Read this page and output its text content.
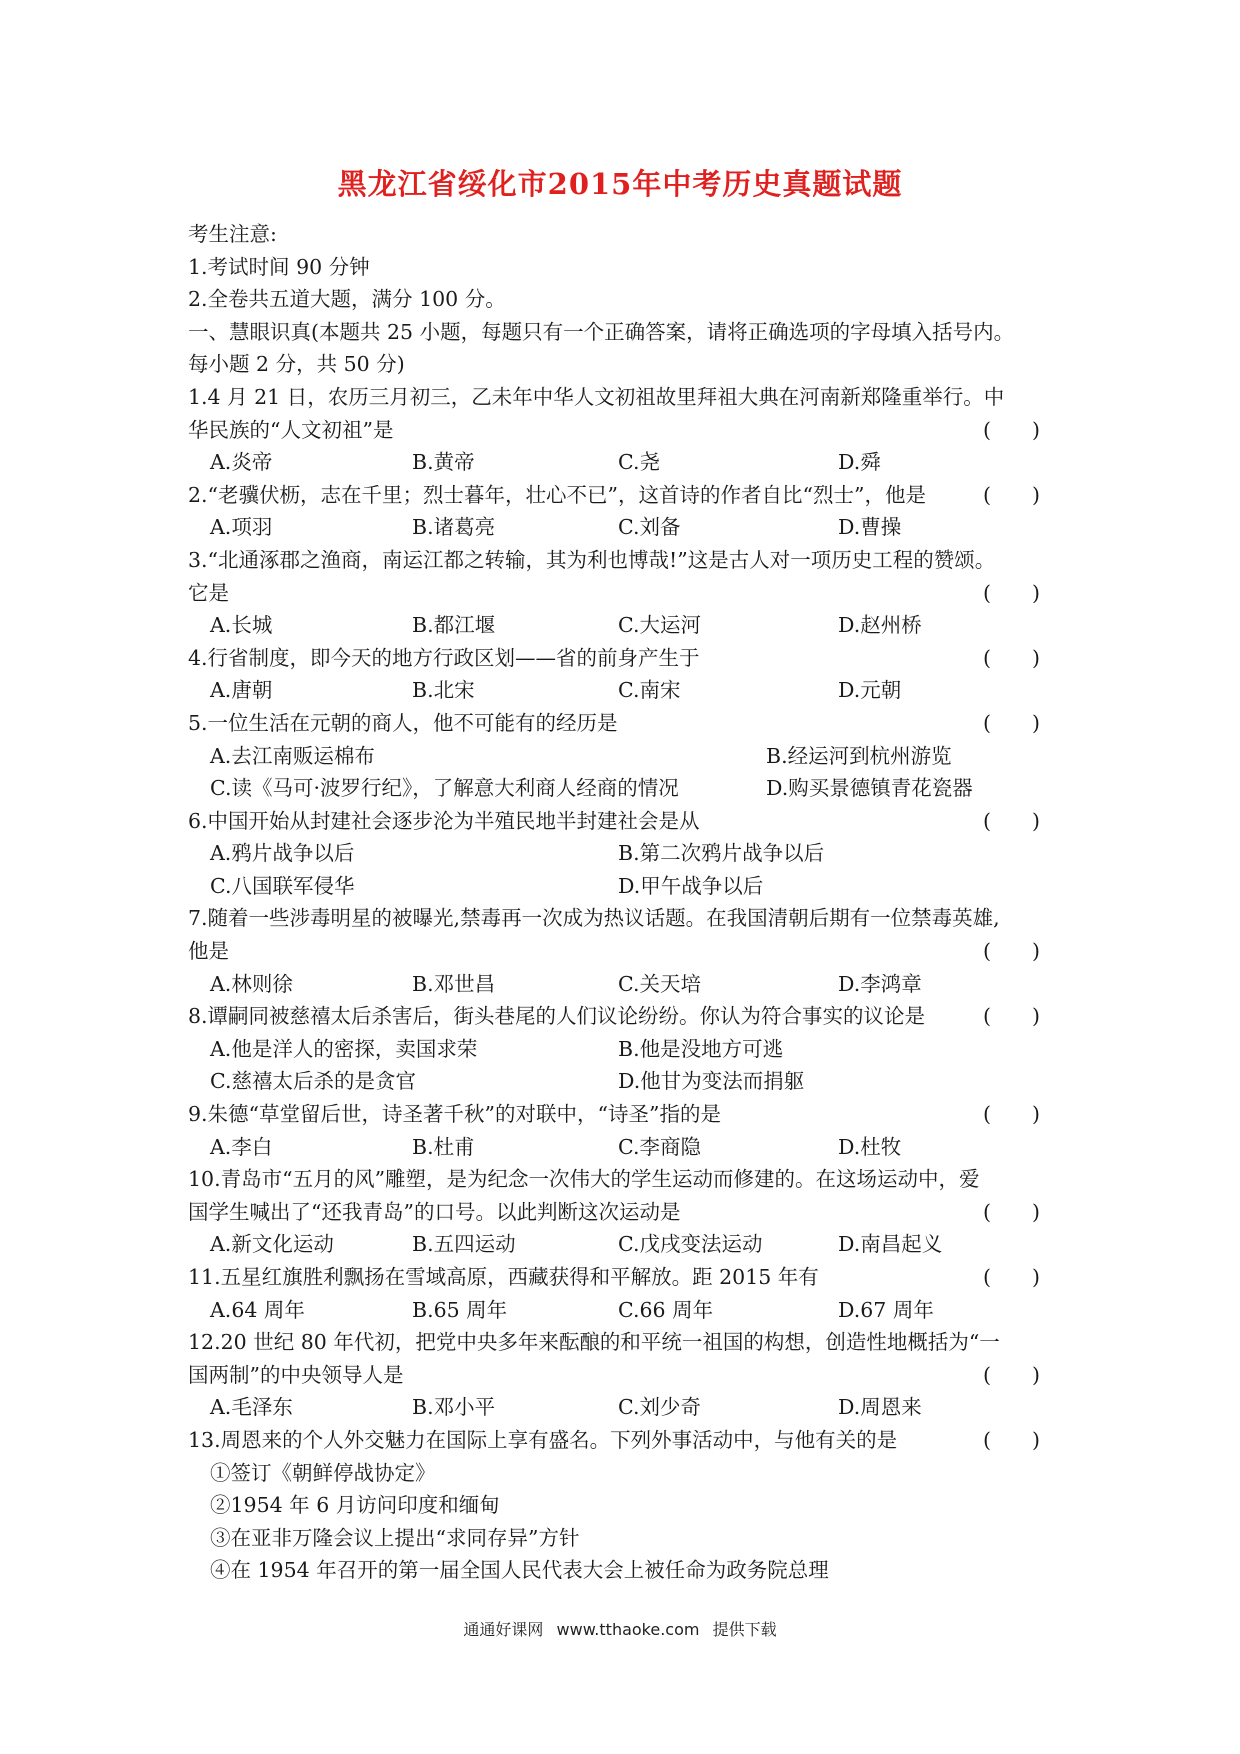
黑龙江省绥化市2015年中考历史真题试题
考生注意:
1.考试时间 90 分钟
2.全卷共五道大题，满分 100 分。
一、慧眼识真(本题共 25 小题，每题只有一个正确答案，请将正确选项的字母填入括号内。
每小题 2 分，共 50 分)
1.4 月 21 日，农历三月初三，乙未年中华人文初祖故里拜祖大典在河南新郑隆重举行。中
华民族的“人文初祖”是	(　　)
A.炎帝	B.黄帝	C.尧	D.舜
2.“老骥伏枥，志在千里；烈士暮年，壮心不已”，这首诗的作者自比“烈士”，他是	(　　)
A.项羽	B.诸葛亮	C.刘备	D.曹操
3.“北通涿郡之渔商，南运江都之转输，其为利也博哉!”这是古人对一项历史工程的赞颂。
它是	(　　)
A.长城	B.都江堰	C.大运河	D.赵州桥
4.行省制度，即今天的地方行政区划——省的前身产生于	(　　)
A.唐朝	B.北宋	C.南宋	D.元朝
5.一位生活在元朝的商人，他不可能有的经历是	(　　)
A.去江南贩运棉布	B.经运河到杭州游览
C.读《马可·波罗行纪》，了解意大利商人经商的情况	D.购买景德镇青花瓷器
6.中国开始从封建社会逐步沦为半殖民地半封建社会是从	(　　)
A.鸦片战争以后	B.第二次鸦片战争以后
C.八国联军侵华	D.甲午战争以后
7.随着一些涉毒明星的被曝光,禁毒再一次成为热议话题。在我国清朝后期有一位禁毒英雄,
他是	(　　)
A.林则徐	B.邓世昌	C.关天培	D.李鸿章
8.谭嗣同被慈禧太后杀害后，街头巷尾的人们议论纷纷。你认为符合事实的议论是	(　　)
A.他是洋人的密探，卖国求荣	B.他是没地方可逃
C.慈禧太后杀的是贪官	D.他甘为变法而捐躯
9.朱德“草堂留后世，诗圣著千秋”的对联中，“诗圣”指的是	(　　)
A.李白	B.杜甫	C.李商隐	D.杜牧
10.青岛市“五月的风”雕塑，是为纪念一次伟大的学生运动而修建的。在这场运动中，爱
国学生喊出了“还我青岛”的口号。以此判断这次运动是	(　　)
A.新文化运动	B.五四运动	C.戊戌变法运动	D.南昌起义
11.五星红旗胜利飘扬在雪域高原，西藏获得和平解放。距 2015 年有	(　　)
A.64 周年	B.65 周年	C.66 周年	D.67 周年
12.20 世纪 80 年代初，把党中央多年来酝酿的和平统一祖国的构想，创造性地概括为“一
国两制”的中央领导人是	(　　)
A.毛泽东	B.邓小平	C.刘少奇	D.周恩来
13.周恩来的个人外交魅力在国际上享有盛名。下列外事活动中，与他有关的是	(　　)
①签订《朝鲜停战协定》
②1954 年 6 月访问印度和缅甸
③在亚非万隆会议上提出“求同存异”方针
④在 1954 年召开的第一届全国人民代表大会上被任命为政务院总理
通通好课网 www.tthaoke.com 提供下载
